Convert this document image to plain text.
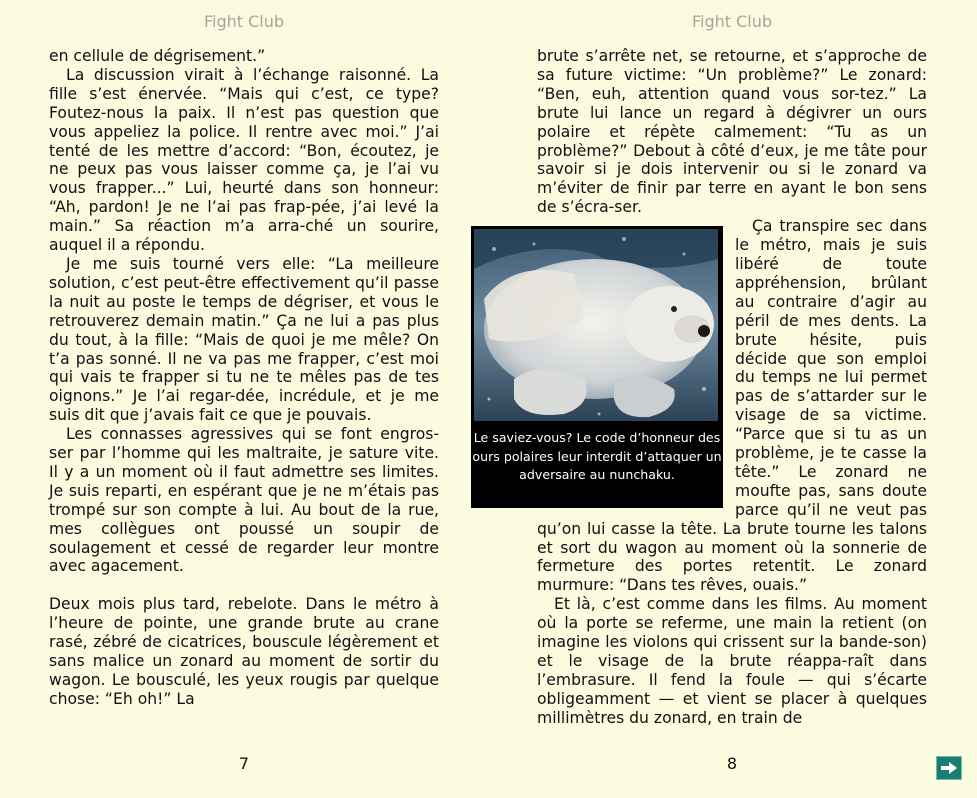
Fight Club	Fight Club

en cellule de dégrisement.”

La discussion virait à l’échange raisonné. La fille s’est énervée. “Mais qui c’est, ce type? Foutez-nous la paix. Il n’est pas question que vous appeliez la police. Il rentre avec moi.” J’ai tenté de les mettre d’accord: “Bon, écoutez, je ne peux pas vous laisser comme ça, je l’ai vu vous frapper...” Lui, heurté dans son honneur: “Ah, pardon! Je ne l’ai pas frap-pée, j’ai levé la main.” Sa réaction m’a arra-ché un sourire, auquel il a répondu.

Je me suis tourné vers elle: “La meilleure solution, c’est peut-être effectivement qu’il passe la nuit au poste le temps de dégriser, et vous le retrouverez demain matin.” Ça ne lui a pas plus du tout, à la fille: “Mais de quoi je me mêle? On t’a pas sonné. Il ne va pas me frapper, c’est moi qui vais te frapper si tu ne te mêles pas de tes oignons.” Je l’ai regar-dée, incrédule, et je me suis dit que j’avais fait ce que je pouvais.

Les connasses agressives qui se font engros-ser par l’homme qui les maltraite, je sature vite. Il y a un moment où il faut admettre ses limites. Je suis reparti, en espérant que je ne m’étais pas trompé sur son compte à lui. Au bout de la rue, mes collègues ont poussé un soupir de soulagement et cessé de regarder leur montre avec agacement.

Deux mois plus tard, rebelote. Dans le métro à l’heure de pointe, une grande brute au crane rasé, zébré de cicatrices, bouscule légèrement et sans malice un zonard au moment de sortir du wagon. Le bousculé, les yeux rougis par quelque chose: “Eh oh!” La

brute s’arrête net, se retourne, et s’approche de sa future victime: “Un problème?” Le zonard: “Ben, euh, attention quand vous sor-tez.” La brute lui lance un regard à dégivrer un ours polaire et répète calmement: “Tu as un problème?” Debout à côté d’eux, je me tâte pour savoir si je dois intervenir ou si le zonard va m’éviter de finir par terre en ayant le bon sens de s’écra-ser.

Le saviez-vous? Le code d’honneur des ours polaires leur interdit d’attaquer un adversaire au nunchaku.

Ça transpire sec dans le métro, mais je suis libéré de toute appréhension, brûlant au contraire d’agir au péril de mes dents. La brute hésite, puis décide que son emploi du temps ne lui permet pas de s’attarder sur le visage de sa victime. “Parce que si tu as un problème, je te casse la tête.” Le zonard ne moufte pas, sans doute parce qu’il ne veut pas qu’on lui casse la tête. La brute tourne les talons et sort du wagon au moment où la sonnerie de fermeture des portes retentit. Le zonard murmure: “Dans tes rêves, ouais.”

Et là, c’est comme dans les films. Au moment où la porte se referme, une main la retient (on imagine les violons qui crissent sur la bande-son) et le visage de la brute réappa-raît dans l’embrasure. Il fend la foule — qui s’écarte obligeamment — et vient se placer à quelques millimètres du zonard, en train de

7	8
